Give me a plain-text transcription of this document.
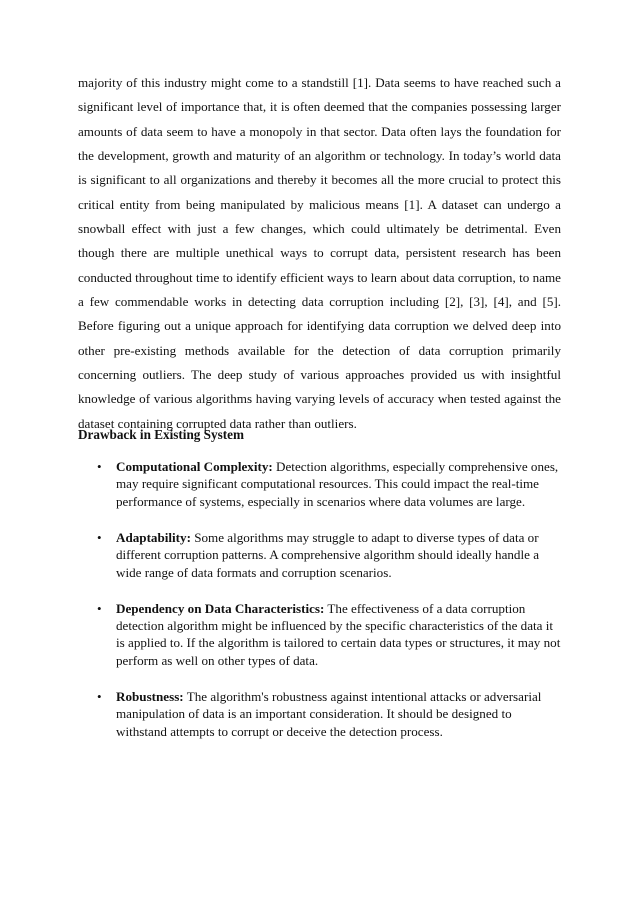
majority of this industry might come to a standstill [1]. Data seems to have reached such a significant level of importance that, it is often deemed that the companies possessing larger amounts of data seem to have a monopoly in that sector. Data often lays the foundation for the development, growth and maturity of an algorithm or technology. In today’s world data is significant to all organizations and thereby it becomes all the more crucial to protect this critical entity from being manipulated by malicious means [1]. A dataset can undergo a snowball effect with just a few changes, which could ultimately be detrimental. Even though there are multiple unethical ways to corrupt data, persistent research has been conducted throughout time to identify efficient ways to learn about data corruption, to name a few commendable works in detecting data corruption including [2], [3], [4], and [5]. Before figuring out a unique approach for identifying data corruption we delved deep into other pre-existing methods available for the detection of data corruption primarily concerning outliers. The deep study of various approaches provided us with insightful knowledge of various algorithms having varying levels of accuracy when tested against the dataset containing corrupted data rather than outliers.

Drawback in Existing System
• Computational Complexity: Detection algorithms, especially comprehensive ones, may require significant computational resources. This could impact the real-time performance of systems, especially in scenarios where data volumes are large.
• Adaptability: Some algorithms may struggle to adapt to diverse types of data or different corruption patterns. A comprehensive algorithm should ideally handle a wide range of data formats and corruption scenarios.
• Dependency on Data Characteristics: The effectiveness of a data corruption detection algorithm might be influenced by the specific characteristics of the data it is applied to. If the algorithm is tailored to certain data types or structures, it may not perform as well on other types of data.
• Robustness: The algorithm's robustness against intentional attacks or adversarial manipulation of data is an important consideration. It should be designed to withstand attempts to corrupt or deceive the detection process.
